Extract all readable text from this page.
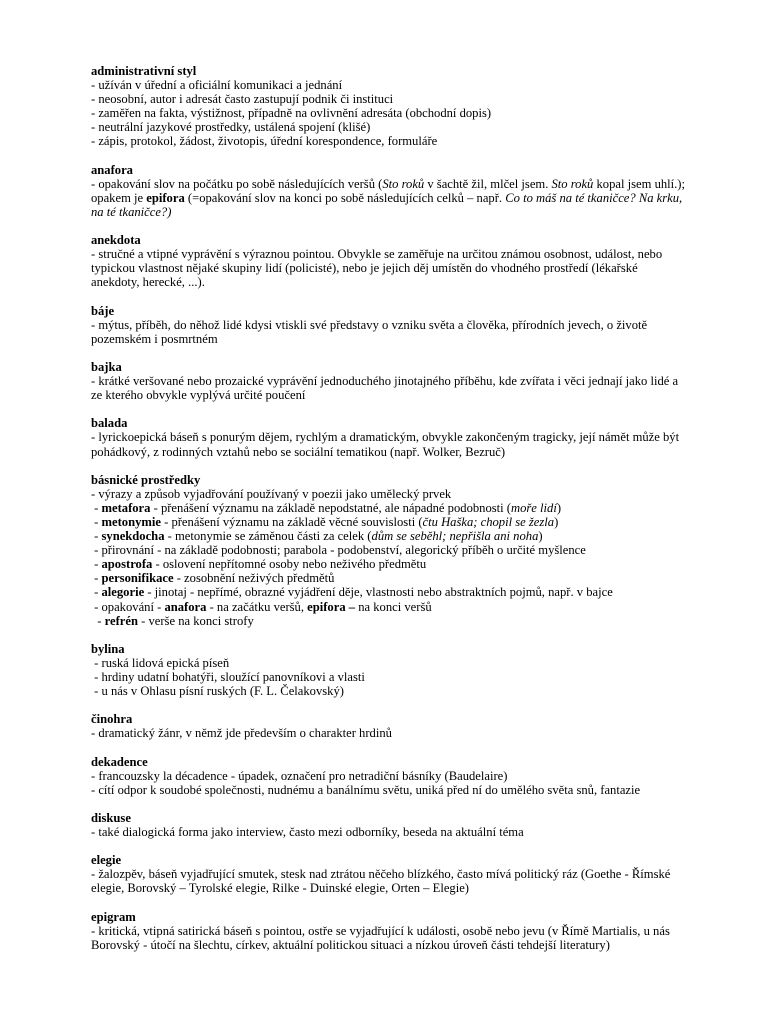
administrativní styl
- užíván v úřední a oficiální komunikaci a jednání
- neosobní, autor i adresát často zastupují podnik či instituci
- zaměřen na fakta, výstižnost, případně na ovlivnění adresáta (obchodní dopis)
- neutrální jazykové prostředky, ustálená spojení (klišé)
- zápis, protokol, žádost, životopis, úřední korespondence, formuláře
anafora
- opakování slov na počátku po sobě následujících veršů (Sto roků v šachtě žil, mlčel jsem. Sto roků kopal jsem uhlí.); opakem je epifora (=opakování slov na konci po sobě následujících celků – např. Co to máš na té tkaničce? Na krku, na té tkaničce?)
anekdota
- stručné a vtipné vyprávění s výraznou pointou. Obvykle se zaměřuje na určitou známou osobnost, událost, nebo typickou vlastnost nějaké skupiny lidí (policisté), nebo je jejich děj umístěn do vhodného prostředí (lékařské anekdoty, herecké, ...).
báje
- mýtus, příběh, do něhož lidé kdysi vtiskli své představy o vzniku světa a člověka, přírodních jevech, o životě pozemském i posmrtném
bajka
- krátké veršované nebo prozaické vyprávění jednoduchého jinotajného příběhu, kde zvířata i věci jednají jako lidé a ze kterého obvykle vyplývá určité poučení
balada
- lyrickoepická báseň s ponurým dějem, rychlým a dramatickým, obvykle zakončeným tragicky, její námět může být pohádkový, z rodinných vztahů nebo se sociální tematikou (např. Wolker, Bezruč)
básnické prostředky
- výrazy a způsob vyjadřování používaný v poezii jako umělecký prvek
- metafora - přenášení významu na základě nepodstatné, ale nápadné podobnosti (moře lidí)
- metonymie - přenášení významu na základě věcné souvislosti (čtu Haška; chopil se žezla)
- synekdocha - metonymie se záměnou části za celek (dům se seběhl; nepřišla ani noha)
- přirovnání - na základě podobnosti; parabola - podobenství, alegorický příběh o určité myšlence
- apostrofa - oslovení nepřítomné osoby nebo neživého předmětu
- personifikace - zosobnění neživých předmětů
- alegorie - jinotaj - nepřímé, obrazné vyjádření děje, vlastnosti nebo abstraktních pojmů, např. v bajce
- opakování - anafora - na začátku veršů, epifora – na konci veršů
- refrén - verše na konci strofy
bylina
- ruská lidová epická píseň
- hrdiny udatní bohatýři, sloužící panovníkovi a vlasti
- u nás v Ohlasu písní ruských (F. L. Čelakovský)
činohra
- dramatický žánr, v němž jde především o charakter hrdinů
dekadence
- francouzsky la décadence - úpadek, označení pro netradiční básníky (Baudelaire)
- cítí odpor k soudobé společnosti, nudnému a banálnímu světu, uniká před ní do umělého světa snů, fantazie
diskuse
- také dialogická forma jako interview, často mezi odborníky, beseda na aktuální téma
elegie
- žalozpěv, báseň vyjadřující smutek, stesk nad ztrátou něčeho blízkého, často mívá politický ráz (Goethe - Římské elegie, Borovský – Tyrolské elegie, Rilke - Duinské elegie, Orten – Elegie)
epigram
- kritická, vtipná satirická báseň s pointou, ostře se vyjadřující k události, osobě nebo jevu (v Římě Martialis, u nás Borovský - útočí na šlechtu, církev, aktuální politickou situaci a nízkou úroveň části tehdejší literatury)
